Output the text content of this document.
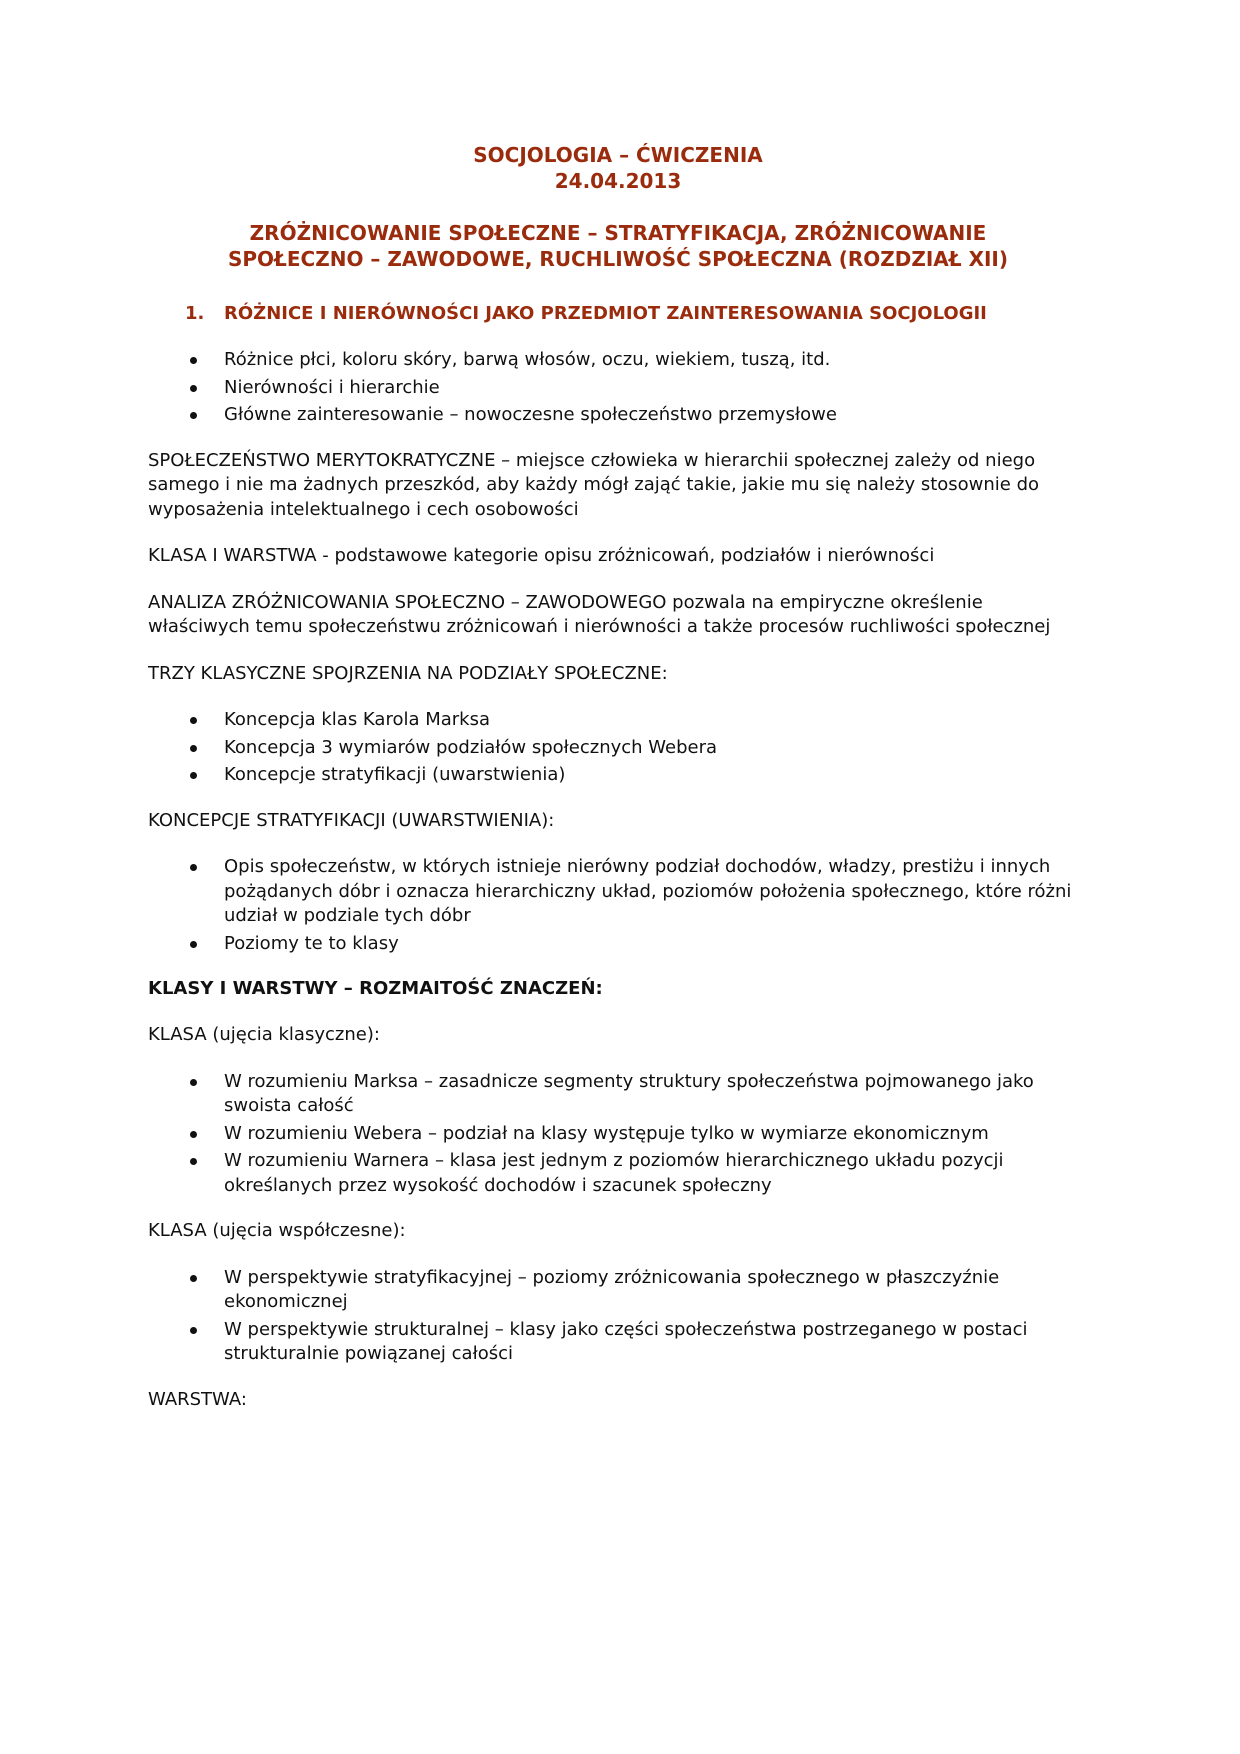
SOCJOLOGIA – ĆWICZENIA
24.04.2013
ZRÓŻNICOWANIE SPOŁECZNE – STRATYFIKACJA, ZRÓŻNICOWANIE
SPOŁECZNO – ZAWODOWE, RUCHLIWOŚĆ SPOŁECZNA (ROZDZIAŁ XII)
1. RÓŻNICE I NIERÓWNOŚCI JAKO PRZEDMIOT ZAINTERESOWANIA SOCJOLOGII
Różnice płci, koloru skóry, barwą włosów, oczu, wiekiem, tuszą, itd.
Nierówności i hierarchie
Główne zainteresowanie – nowoczesne społeczeństwo przemysłowe

SPOŁECZEŃSTWO MERYTOKRATYCZNE – miejsce człowieka w hierarchii społecznej zależy od niego samego i nie ma żadnych przeszkód, aby każdy mógł zająć takie, jakie mu się należy stosownie do wyposażenia intelektualnego i cech osobowości

KLASA I WARSTWA - podstawowe kategorie opisu zróżnicowań, podziałów i nierówności

ANALIZA ZRÓŻNICOWANIA SPOŁECZNO – ZAWODOWEGO pozwala na empiryczne określenie właściwych temu społeczeństwu zróżnicowań i nierówności a także procesów ruchliwości społecznej

TRZY KLASYCZNE SPOJRZENIA NA PODZIAŁY SPOŁECZNE:

Koncepcja klas Karola Marksa
Koncepcja 3 wymiarów podziałów społecznych Webera
Koncepcje stratyfikacji (uwarstwienia)

KONCEPCJE STRATYFIKACJI (UWARSTWIENIA):

Opis społeczeństw, w których istnieje nierówny podział dochodów, władzy, prestiżu i innych pożądanych dóbr i oznacza hierarchiczny układ, poziomów położenia społecznego, które różni udział w podziale tych dóbr
Poziomy te to klasy

KLASY I WARSTWY – ROZMAITOŚĆ ZNACZEŃ:

KLASA (ujęcia klasyczne):

W rozumieniu Marksa – zasadnicze segmenty struktury społeczeństwa pojmowanego jako swoista całość
W rozumieniu Webera – podział na klasy występuje tylko w wymiarze ekonomicznym
W rozumieniu Warnera – klasa jest jednym z poziomów hierarchicznego układu pozycji określanych przez wysokość dochodów i szacunek społeczny

KLASA (ujęcia współczesne):

W perspektywie stratyfikacyjnej – poziomy zróżnicowania społecznego w płaszczyźnie ekonomicznej
W perspektywie strukturalnej – klasy jako części społeczeństwa postrzeganego w postaci strukturalnie powiązanej całości

WARSTWA:
